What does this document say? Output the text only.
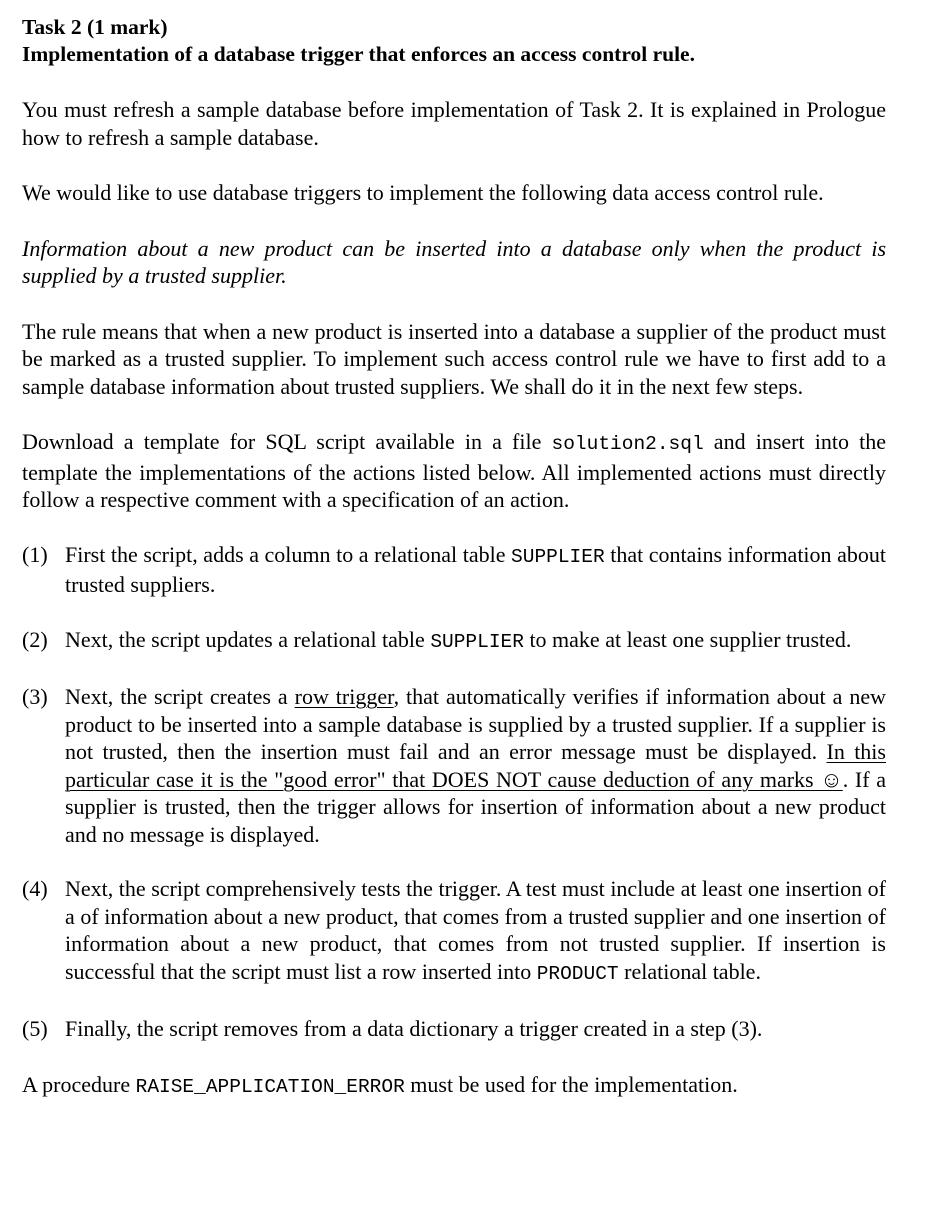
Task 2 (1 mark)

Implementation of a database trigger that enforces an access control rule.

You must refresh a sample database before implementation of Task 2. It is explained in Prologue how to refresh a sample database.

We would like to use database triggers to implement the following data access control rule.

Information about a new product can be inserted into a database only when the product is supplied by a trusted supplier.

The rule means that when a new product is inserted into a database a supplier of the product must be marked as a trusted supplier. To implement such access control rule we have to first add to a sample database information about trusted suppliers. We shall do it in the next few steps.

Download a template for SQL script available in a file solution2.sql and insert into the template the implementations of the actions listed below. All implemented actions must directly follow a respective comment with a specification of an action.

(1) First the script, adds a column to a relational table SUPPLIER that contains information about trusted suppliers.

(2) Next, the script updates a relational table SUPPLIER to make at least one supplier trusted.

(3) Next, the script creates a row trigger, that automatically verifies if information about a new product to be inserted into a sample database is supplied by a trusted supplier. If a supplier is not trusted, then the insertion must fail and an error message must be displayed. In this particular case it is the "good error" that DOES NOT cause deduction of any marks ☺. If a supplier is trusted, then the trigger allows for insertion of information about a new product and no message is displayed.

(4) Next, the script comprehensively tests the trigger. A test must include at least one insertion of a of information about a new product, that comes from a trusted supplier and one insertion of information about a new product, that comes from not trusted supplier. If insertion is successful that the script must list a row inserted into PRODUCT relational table.

(5) Finally, the script removes from a data dictionary a trigger created in a step (3).

A procedure RAISE_APPLICATION_ERROR must be used for the implementation.
